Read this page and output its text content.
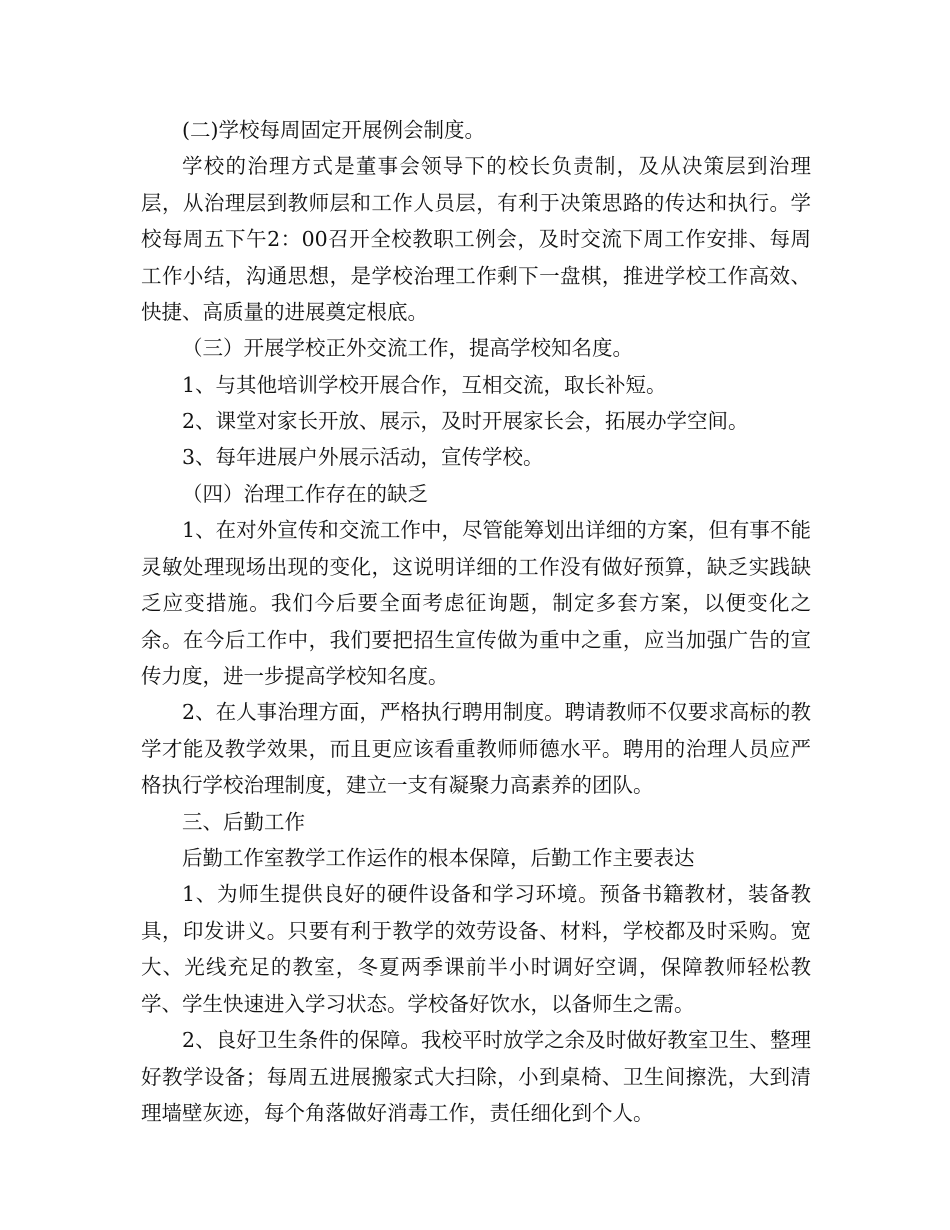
(二)学校每周固定开展例会制度。

学校的治理方式是董事会领导下的校长负责制，及从决策层到治理层，从治理层到教师层和工作人员层，有利于决策思路的传达和执行。学校每周五下午2：00召开全校教职工例会，及时交流下周工作安排、每周工作小结，沟通思想，是学校治理工作剩下一盘棋，推进学校工作高效、快捷、高质量的进展奠定根底。

（三）开展学校正外交流工作，提高学校知名度。

1、与其他培训学校开展合作，互相交流，取长补短。

2、课堂对家长开放、展示，及时开展家长会，拓展办学空间。

3、每年进展户外展示活动，宣传学校。

（四）治理工作存在的缺乏

1、在对外宣传和交流工作中，尽管能筹划出详细的方案，但有事不能灵敏处理现场出现的变化，这说明详细的工作没有做好预算，缺乏实践缺乏应变措施。我们今后要全面考虑征询题，制定多套方案，以便变化之余。在今后工作中，我们要把招生宣传做为重中之重，应当加强广告的宣传力度，进一步提高学校知名度。

2、在人事治理方面，严格执行聘用制度。聘请教师不仅要求高标的教学才能及教学效果，而且更应该看重教师师德水平。聘用的治理人员应严格执行学校治理制度，建立一支有凝聚力高素养的团队。

三、后勤工作

后勤工作室教学工作运作的根本保障，后勤工作主要表达

1、为师生提供良好的硬件设备和学习环境。预备书籍教材，装备教具，印发讲义。只要有利于教学的效劳设备、材料，学校都及时采购。宽大、光线充足的教室，冬夏两季课前半小时调好空调，保障教师轻松教学、学生快速进入学习状态。学校备好饮水，以备师生之需。

2、良好卫生条件的保障。我校平时放学之余及时做好教室卫生、整理好教学设备；每周五进展搬家式大扫除，小到桌椅、卫生间擦洗，大到清理墙壁灰迹，每个角落做好消毒工作，责任细化到个人。
